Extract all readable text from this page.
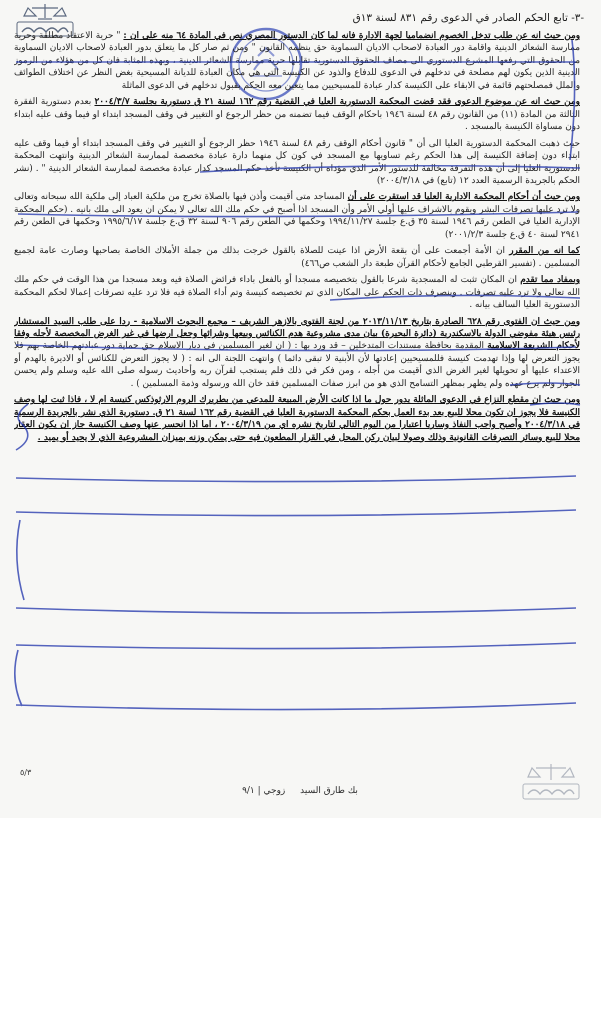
-٣- تابع الحكم الصادر في الدعوى رقم ٨٣١ لسنة ١٣ق

ومن حيث انه عن طلب تدخل الخصوم انضماميا لجهة الادارة فانه لما كان الدستور المصري نص في المادة ٦٤ منه على ان : " حرية الاعتقاد مطلقة وحرية ممارسة الشعائر الدينية واقامة دور العبادة لاصحاب الاديان السماوية حق ينظمه القانون " ومن ثم صار كل ما يتعلق بدور العبادة لاصحاب الاديان السماوية من الحقوق التي رفعها المشرع الدستوري الى مصاف الحقوق الدستورية تقابلها حرية ممارسة الشعائر الدينية ، وبهذه المثابة فان كل من هؤلاء من الرموز الدينية الذين يكون لهم مصلحة في تدخلهم في الدعوى للدفاع والذود عن الكنيسة التي هي مكان العبادة للديانة المسيحية بغض النظر عن اختلاف الطوائف والملل فمصلحتهم قائمة في الابقاء على الكنيسة كدار عبادة للمسيحيين مما يتعين معه الحكم بقبول تدخلهم في الدعوى الماثلة

ومن حيث انه عن موضوع الدعوى فقد قضت المحكمة الدستورية العليا في القضية رقم ١٦٢ لسنة ٢١ ق دستورية بجلسة ٢٠٠٤/٣/٧ بعدم دستورية الفقرة الثالثة من المادة (١١) من القانون رقم ٤٨ لسنة ١٩٤٦ باحكام الوقف فيما تضمنه من حظر الرجوع او التغيير في وقف المسجد ابتداء او فيما وقف عليه ابتداء دون مساواة الكنيسة بالمسجد .

حيث ذهبت المحكمة الدستورية العليا الى أن " قانون أحكام الوقف رقم ٤٨ لسنة ١٩٤٦ حظر الرجوع أو التغيير في وقف المسجد ابتداء أو فيما وقف عليه ابتداء دون إضافة الكنيسة إلى هذا الحكم رغم تساويها مع المسجد في كون كل منهما دارة عبادة مخصصة لممارسة الشعائر الدينية وانتهت المحكمة الدستورية العليا إلى أن هذه التفرقة مخالفة للدستور الأمر الذي مؤداه أن الكنيسة تأخذ حكم المسجد كدار عبادة مخصصة لممارسة الشعائر الدينية " . (نشر الحكم بالجريدة الرسمية العدد ١٢ (تابع) في ٢٠٠٤/٣/١٨)

ومن حيث أن أحكام المحكمة الادارية العليا قد استقرت على أن المساجد متى أقيمت وأذن فيها بالصلاة تخرج من ملكية العباد إلى ملكية الله سبحانه وتعالى ولا ترد عليها تصرفات البشر ويقوم بالاشراف عليها أولي الأمر وأن المسجد اذا أصبح في حكم ملك الله تعالى لا يمكن ان يعود الى ملك بانيه . (حكم المحكمة الإدارية العليا في الطعن رقم ١٩٤٦ لسنة ٣٥ ق.ع جلسة ١٩٩٤/١١/٢٧ وحكمها في الطعن رقم ٩٠٦ لسنة ٣٢ ق.ع جلسة ١٩٩٥/٦/١٧ وحكمها في الطعن رقم ٢٩٤١ لسنة ٤٠ ق.ع جلسة ٢٠٠١/٢/٣)

كما انه من المقرر ان الأمة أجمعت على أن بقعة الأرض اذا عينت للصلاة بالقول خرجت بذلك من جملة الأملاك الخاصة بصاحبها وصارت عامة لجميع المسلمين . (تفسير القرطبي الجامع لأحكام القرآن طبعة دار الشعب ص٤٦٦)

وبمفاد مما تقدم ان المكان تثبت له المسجدية شرعا بالقول بتخصيصه مسجدا أو بالفعل باداء فرائض الصلاة فيه وبعد مسجدا من هذا الوقت في حكم ملك الله تعالى ولا ترد عليه تصرفات . وينصرف ذات الحكم على المكان الذي تم تخصيصه كنيسة وتم أداء الصلاة فيه فلا ترد عليه تصرفات إعمالا لحكم المحكمة الدستورية العليا السالف بيانه .

ومن حيث ان الفتوى رقم ٦٢٨ الصادرة بتاريخ ٢٠١٣/١١/١٣ من لجنة الفتوى بالازهر الشريف – مجمع البحوث الاسلامية - ردا على طلب السيد المستشار رئيس هيئة مفوضي الدولة بالاسكندرية (دائرة البحيرة) بيان مدى مشروعية هدم الكنائس وبيعها وشرائها وجعل ارضها في غير الغرض المخصصة لأجله وفقا لأحكام الشريعة الاسلامية المقدمة بحافظة مستندات المتدخلين – قد ورد بها : ( ان لغير المسلمين في ديار الاسلام حق حماية دور عبادتهم الخاصة بهم فلا يجوز التعرض لها وإذا تهدمت كنيسة فللمسيحيين إعادتها لأن الأبنية لا تبقى دائما ) وانتهت اللجنة الى انه : ( لا يجوز التعرض للكنائس أو الاديرة بالهدم أو الاعتداء عليها أو تحويلها لغير الغرض الذي أقيمت من أجله ، ومن فكر في ذلك فلم يستجب لقرآن ربه وأحاديث رسوله صلى الله عليه وسلم ولم يحسن الجوار ولم يرع عهده ولم يظهر بمظهر التسامح الذي هو من ابرز صفات المسلمين فقد خان الله ورسوله وذمة المسلمين ) .

ومن حيث ان مقطع النزاع في الدعوى الماثلة يدور حول ما اذا كانت الأرض المبيعة للمدعي من بطريرك الروم الارثوذكس كنيسة ام لا ، فاذا ثبت لها وصف الكنيسة فلا يجوز ان تكون محلا للبيع بعد بدء العمل بحكم المحكمة الدستورية العليا في القضية رقم ١٦٢ لسنة ٢١ ق. دستورية الذي نشر بالجريدة الرسمية في ٢٠٠٤/٣/١٨ وأصبح واجب النفاذ وساريا اعتبارا من اليوم التالي لتاريخ نشره اي من ٢٠٠٤/٣/١٩ ، اما اذا انحسر عنها وصف الكنيسة جاز ان يكون العقار محلا للبيع وسائر التصرفات القانونية وذلك وصولا لبيان ركن المحل في القرار المطعون فيه حتى يمكن وزنه بميزان المشروعية الذي لا يحيد أو يميد .

٥/٣
بك طارق السيد زوجي | ٩/١
